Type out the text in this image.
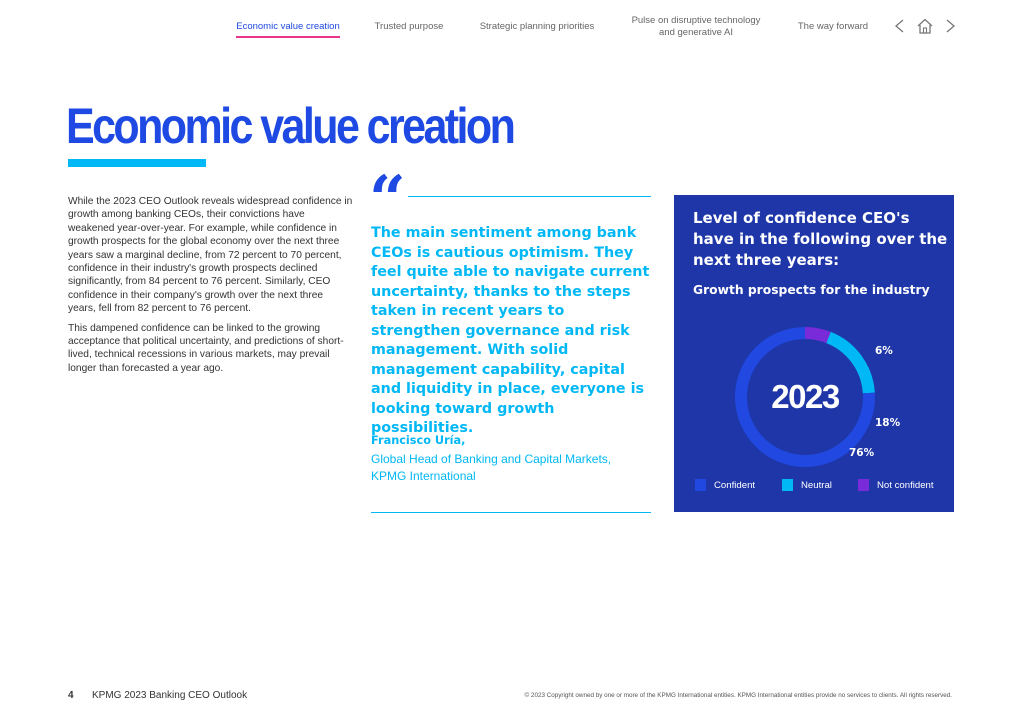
Economic value creation	Trusted purpose	Strategic planning priorities
Pulse on disruptive technology
and generative AI
The way forward
Economic value creation

While the 2023 CEO Outlook reveals widespread confidence in growth among banking CEOs, their convictions have weakened year-over-year. For example, while confidence in growth prospects for the global economy over the next three years saw a marginal decline, from 72 percent to 70 percent, confidence in their industry's growth prospects declined significantly, from 84 percent to 76 percent. Similarly, CEO confidence in their company's growth over the next three years, fell from 82 percent to 76 percent.

This dampened confidence can be linked to the growing acceptance that political uncertainty, and predictions of short-lived, technical recessions in various markets, may prevail longer than forecasted a year ago.

“

The main sentiment among bank CEOs is cautious optimism. They feel quite able to navigate current uncertainty, thanks to the steps taken in recent years to strengthen governance and risk management. With solid management capability, capital and liquidity in place, everyone is looking toward growth possibilities.

Francisco Uría,
Global Head of Banking and Capital Markets, KPMG International
Level of confidence CEO's have in the following over the next three years:
Growth prospects for the industry
2023
6%
18%
76%
Confident	Neutral	Not confident
4 KPMG 2023 Banking CEO Outlook	© 2023 Copyright owned by one or more of the KPMG International entities. KPMG International entities provide no services to clients. All rights reserved.
